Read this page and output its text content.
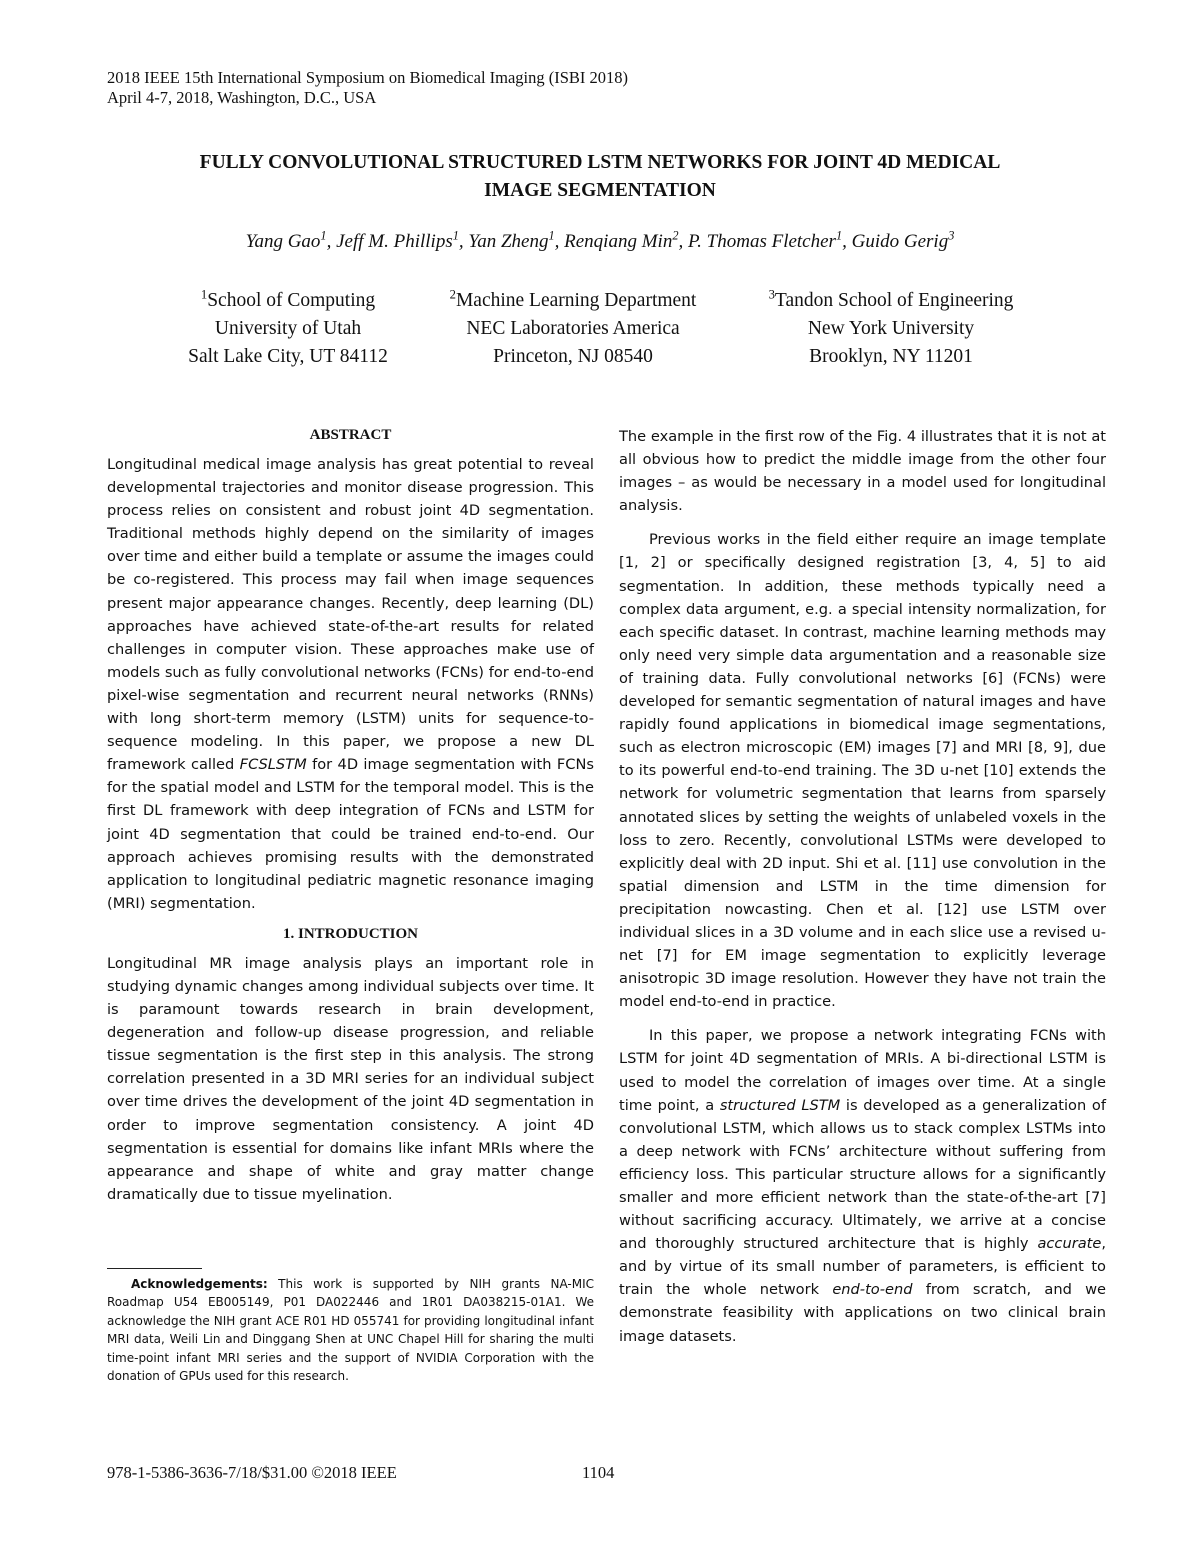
2018 IEEE 15th International Symposium on Biomedical Imaging (ISBI 2018)
April 4-7, 2018, Washington, D.C., USA
FULLY CONVOLUTIONAL STRUCTURED LSTM NETWORKS FOR JOINT 4D MEDICAL
IMAGE SEGMENTATION
Yang Gao$^1$, Jeff M. Phillips$^1$, Yan Zheng$^1$, Renqiang Min$^2$, P. Thomas Fletcher$^1$, Guido Gerig$^3$
$^1$School of Computing
University of Utah
Salt Lake City, UT 84112
$^2$Machine Learning Department
NEC Laboratories America
Princeton, NJ 08540
$^3$Tandon School of Engineering
New York University
Brooklyn, NY 11201
ABSTRACT

Longitudinal medical image analysis has great potential to reveal developmental trajectories and monitor disease progression. This process relies on consistent and robust joint 4D segmentation. Traditional methods highly depend on the similarity of images over time and either build a template or assume the images could be co-registered. This process may fail when image sequences present major appearance changes. Recently, deep learning (DL) approaches have achieved state-of-the-art results for related challenges in computer vision. These approaches make use of models such as fully convolutional networks (FCNs) for end-to-end pixel-wise segmentation and recurrent neural networks (RNNs) with long short-term memory (LSTM) units for sequence-to-sequence modeling. In this paper, we propose a new DL framework called FCSLSTM for 4D image segmentation with FCNs for the spatial model and LSTM for the temporal model. This is the first DL framework with deep integration of FCNs and LSTM for joint 4D segmentation that could be trained end-to-end. Our approach achieves promising results with the demonstrated application to longitudinal pediatric magnetic resonance imaging (MRI) segmentation.

1. INTRODUCTION

Longitudinal MR image analysis plays an important role in studying dynamic changes among individual subjects over time. It is paramount towards research in brain development, degeneration and follow-up disease progression, and reliable tissue segmentation is the first step in this analysis. The strong correlation presented in a 3D MRI series for an individual subject over time drives the development of the joint 4D segmentation in order to improve segmentation consistency. A joint 4D segmentation is essential for domains like infant MRIs where the appearance and shape of white and gray matter change dramatically due to tissue myelination.

Acknowledgements: This work is supported by NIH grants NA-MIC Roadmap U54 EB005149, P01 DA022446 and 1R01 DA038215-01A1. We acknowledge the NIH grant ACE R01 HD 055741 for providing longitudinal infant MRI data, Weili Lin and Dinggang Shen at UNC Chapel Hill for sharing the multi time-point infant MRI series and the support of NVIDIA Corporation with the donation of GPUs used for this research.

The example in the first row of the Fig. 4 illustrates that it is not at all obvious how to predict the middle image from the other four images – as would be necessary in a model used for longitudinal analysis.

Previous works in the field either require an image template [1, 2] or specifically designed registration [3, 4, 5] to aid segmentation. In addition, these methods typically need a complex data argument, e.g. a special intensity normalization, for each specific dataset. In contrast, machine learning methods may only need very simple data argumentation and a reasonable size of training data. Fully convolutional networks [6] (FCNs) were developed for semantic segmentation of natural images and have rapidly found applications in biomedical image segmentations, such as electron microscopic (EM) images [7] and MRI [8, 9], due to its powerful end-to-end training. The 3D u-net [10] extends the network for volumetric segmentation that learns from sparsely annotated slices by setting the weights of unlabeled voxels in the loss to zero. Recently, convolutional LSTMs were developed to explicitly deal with 2D input. Shi et al. [11] use convolution in the spatial dimension and LSTM in the time dimension for precipitation nowcasting. Chen et al. [12] use LSTM over individual slices in a 3D volume and in each slice use a revised u-net [7] for EM image segmentation to explicitly leverage anisotropic 3D image resolution. However they have not train the model end-to-end in practice.

In this paper, we propose a network integrating FCNs with LSTM for joint 4D segmentation of MRIs. A bi-directional LSTM is used to model the correlation of images over time. At a single time point, a structured LSTM is developed as a generalization of convolutional LSTM, which allows us to stack complex LSTMs into a deep network with FCNs’ architecture without suffering from efficiency loss. This particular structure allows for a significantly smaller and more efficient network than the state-of-the-art [7] without sacrificing accuracy. Ultimately, we arrive at a concise and thoroughly structured architecture that is highly accurate, and by virtue of its small number of parameters, is efficient to train the whole network end-to-end from scratch, and we demonstrate feasibility with applications on two clinical brain image datasets.

978-1-5386-3636-7/18/$31.00 ©2018 IEEE	1104
